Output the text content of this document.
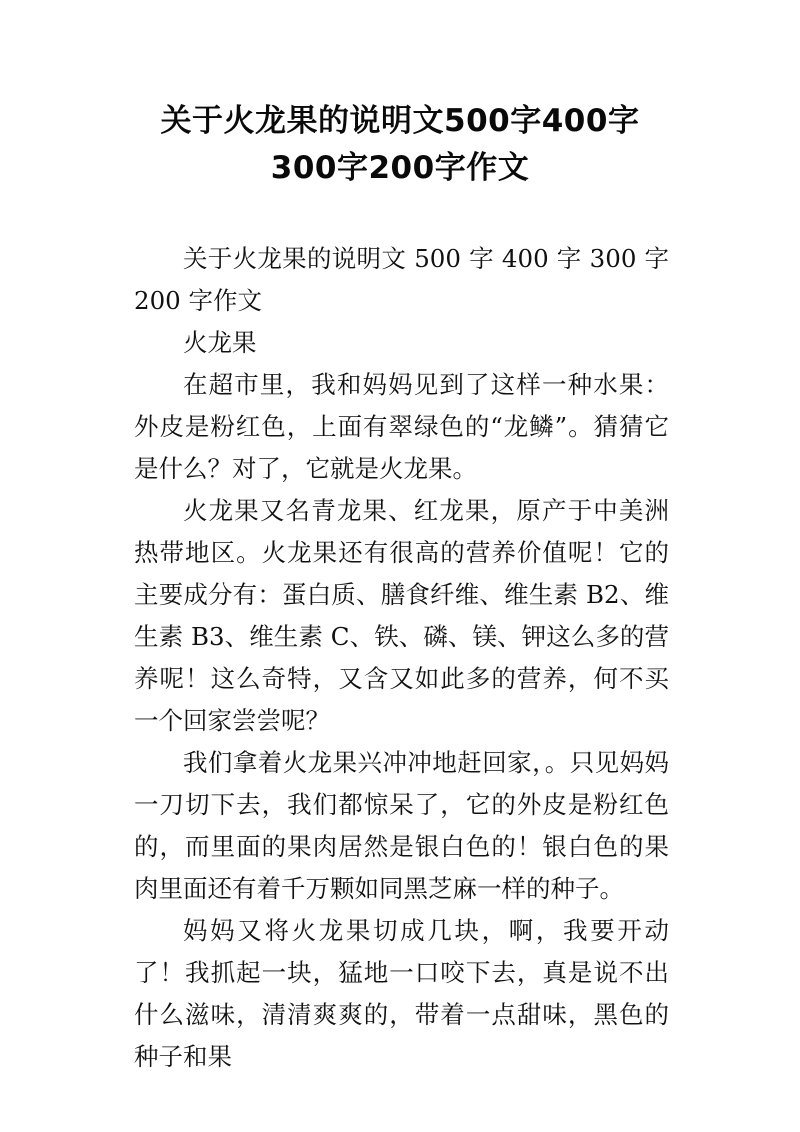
关于火龙果的说明文500字400字
300字200字作文

关于火龙果的说明文 500 字 400 字 300 字 200 字作文

火龙果

在超市里，我和妈妈见到了这样一种水果：外皮是粉红色，上面有翠绿色的“龙鳞”。猜猜它是什么？对了，它就是火龙果。

火龙果又名青龙果、红龙果，原产于中美洲热带地区。火龙果还有很高的营养价值呢！它的主要成分有：蛋白质、膳食纤维、维生素 B2、维生素 B3、维生素 C、铁、磷、镁、钾这么多的营养呢！这么奇特，又含又如此多的营养，何不买一个回家尝尝呢？

我们拿着火龙果兴冲冲地赶回家，。只见妈妈一刀切下去，我们都惊呆了，它的外皮是粉红色的，而里面的果肉居然是银白色的！银白色的果肉里面还有着千万颗如同黑芝麻一样的种子。

妈妈又将火龙果切成几块，啊，我要开动了！我抓起一块，猛地一口咬下去，真是说不出什么滋味，清清爽爽的，带着一点甜味，黑色的种子和果
